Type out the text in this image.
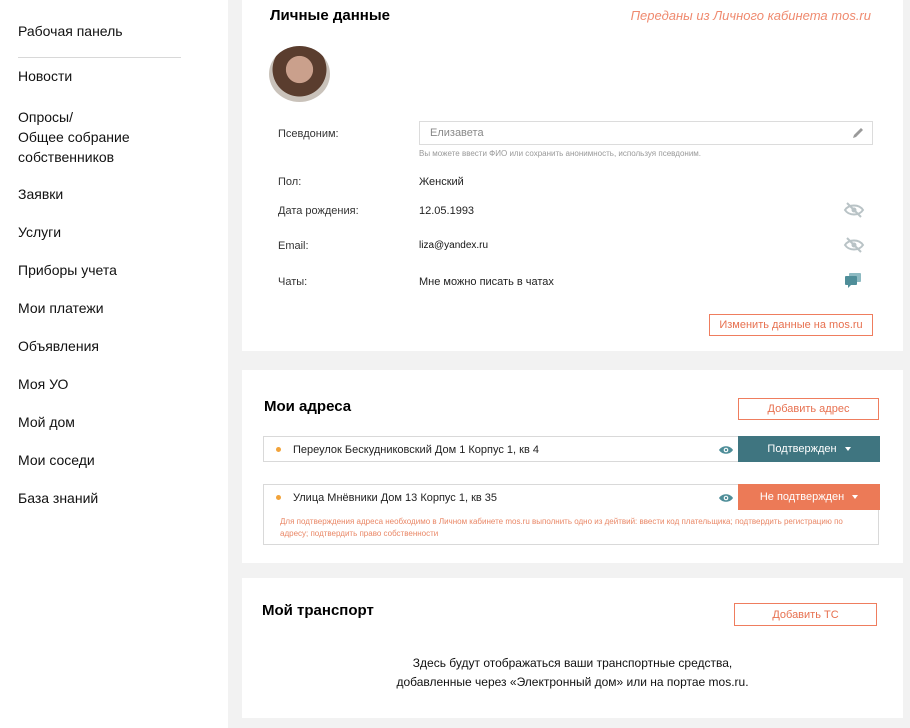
Рабочая панель
Новости
Опросы/
Общее собрание
собственников
Заявки
Услуги
Приборы учета
Мои платежи
Объявления
Моя УО
Мой дом
Мои соседи
База знаний
Личные данные	Переданы из Личного кабинета mos.ru
Псевдоним:
Елизавета
Вы можете ввести ФИО или сохранить анонимность, используя псевдоним.
Пол:	Женский
Дата рождения:	12.05.1993
Email:	liza@yandex.ru
Чаты:	Мне можно писать в чатах
Изменить данные на mos.ru
Мои адреса	Добавить адрес
Переулок Бескудниковский Дом 1 Корпус 1, кв 4	Подтвержден
Улица Мнёвники Дом 13 Корпус 1, кв 35	Не подтвержден
Для подтверждения адреса необходимо в Личном кабинете mos.ru выполнить одно из дейтвий: ввести код плательщика; подтвердить регистрацию по адресу; подтвердить право собственности
Мой транспорт	Добавить ТС
Здесь будут отображаться ваши транспортные средства,
добавленные через «Электронный дом» или на портае mos.ru.
